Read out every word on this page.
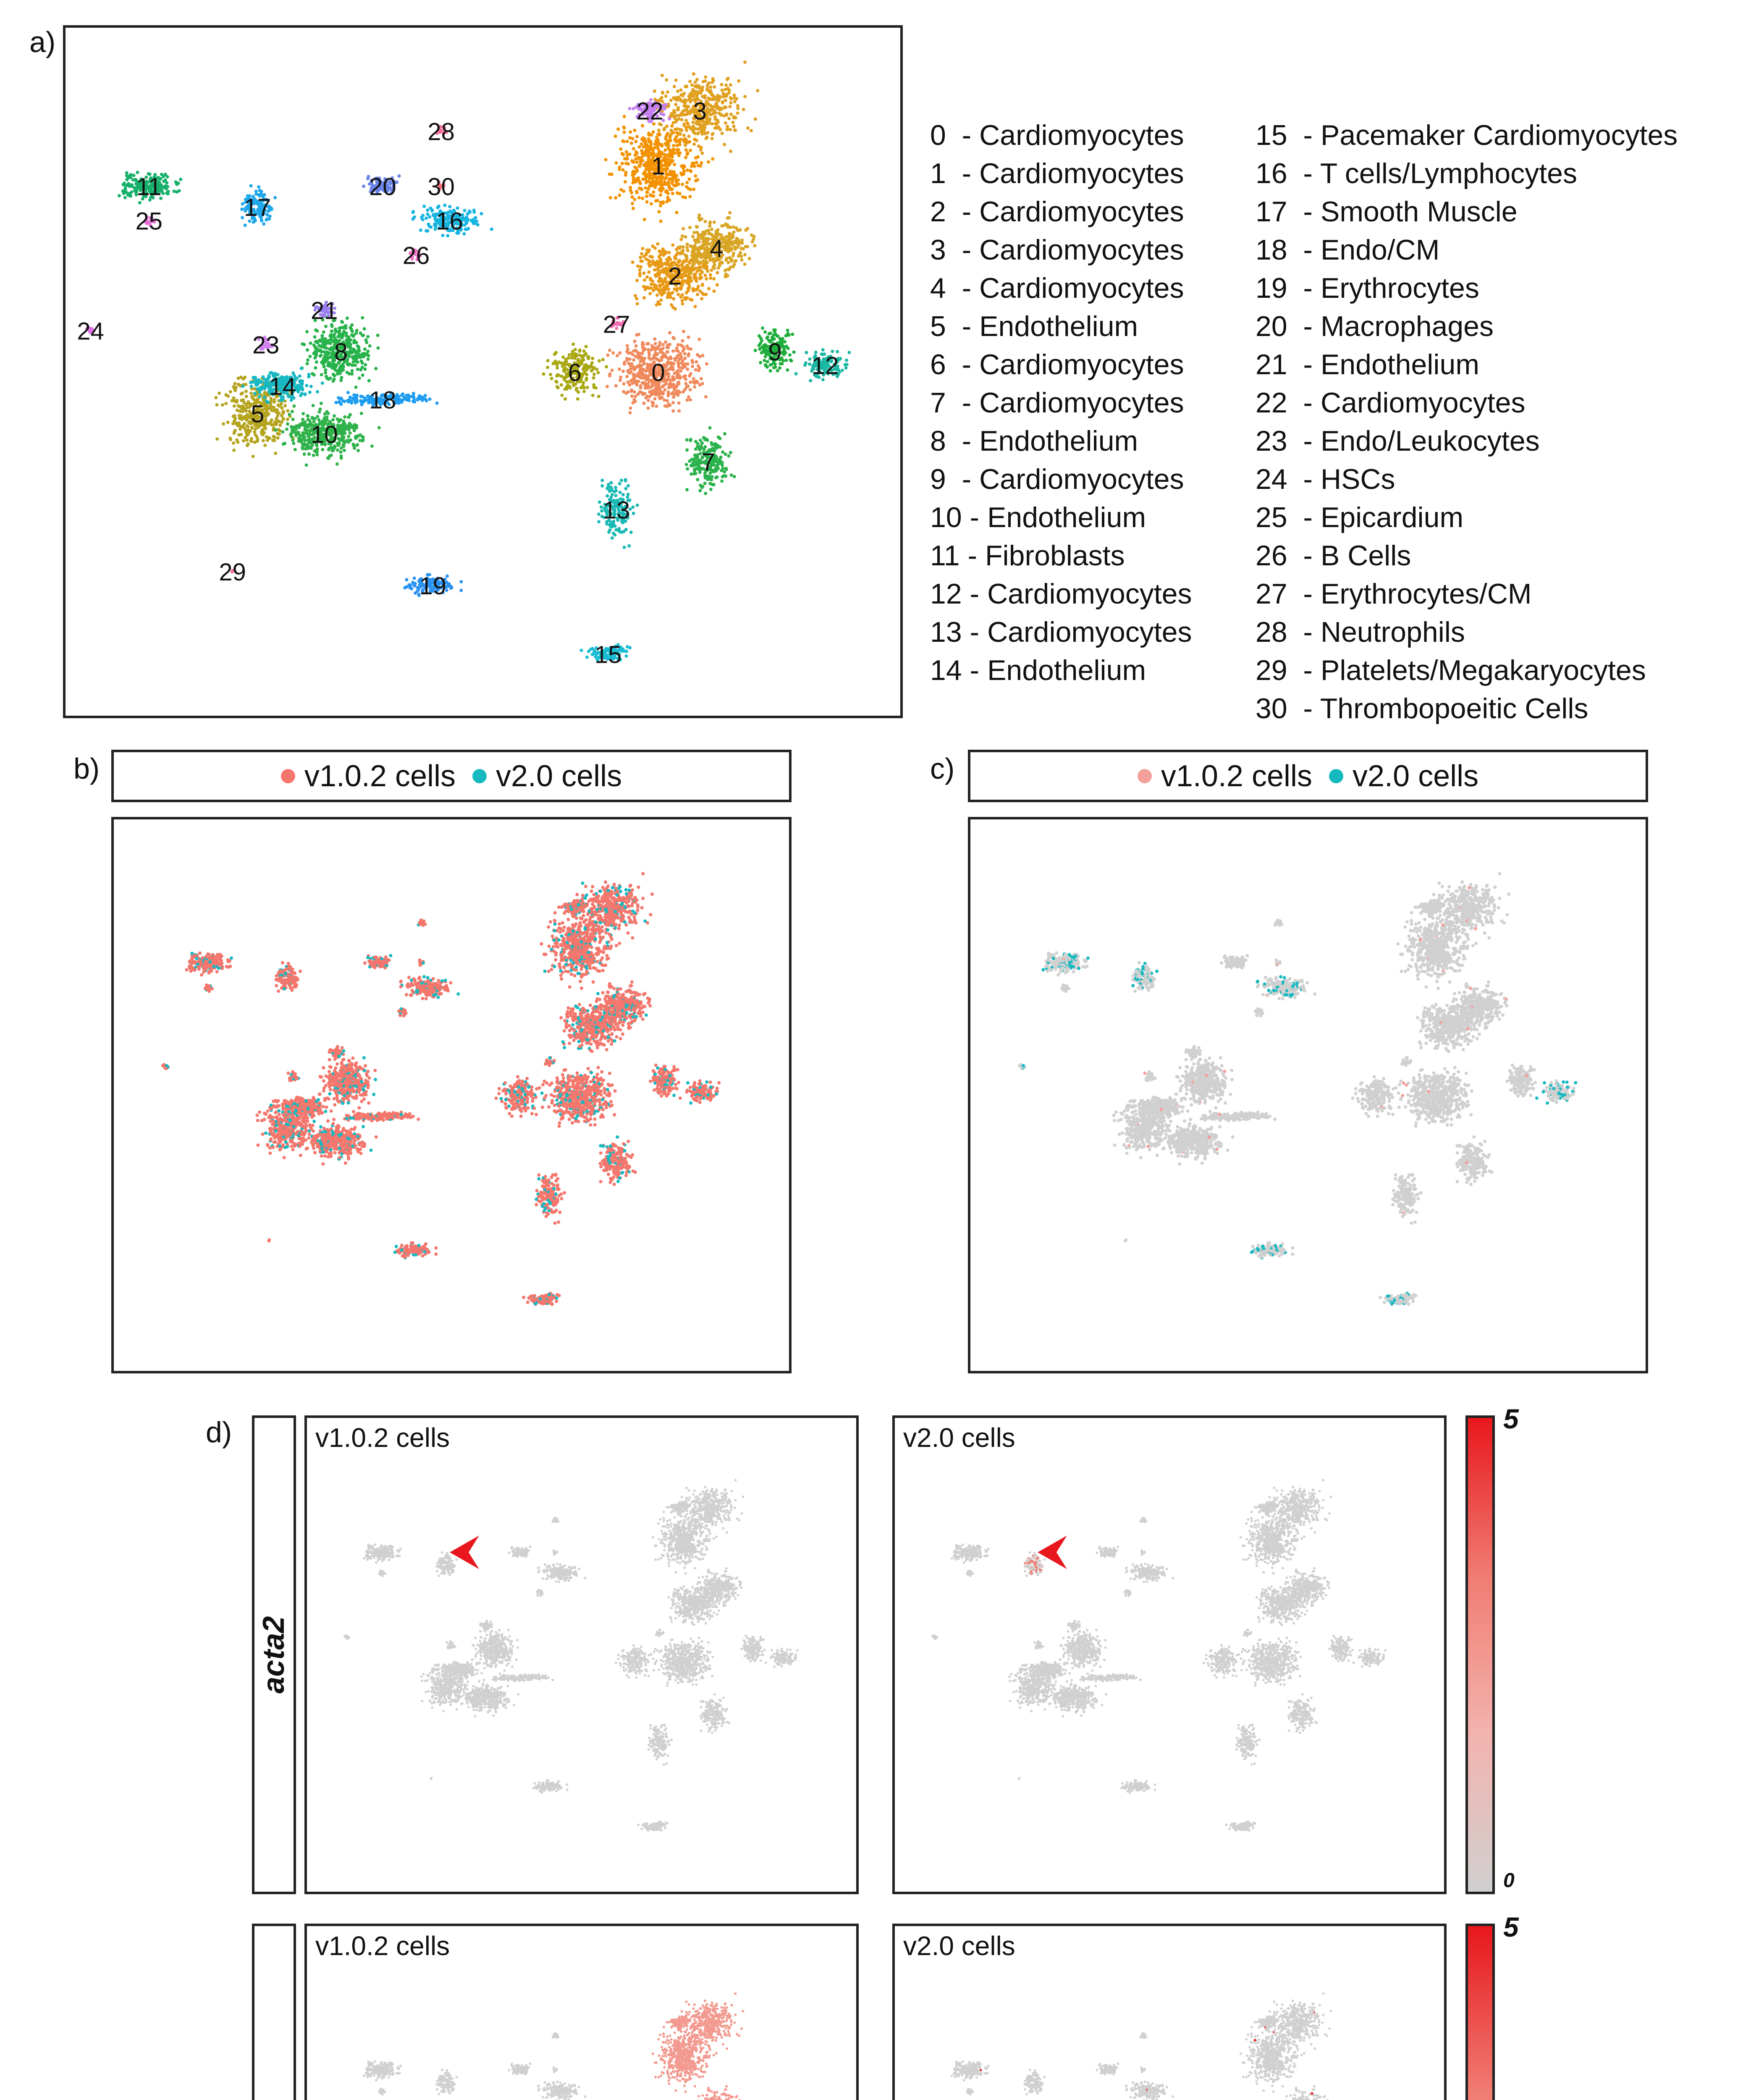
a)
0
1
2
3
4
5
6
7
8	9
10
11
12
13
14
15
16
17
18
19
20
21
22
23
24
25
26
27
28
29
30

0  - Cardiomyocytes
1  - Cardiomyocytes
2  - Cardiomyocytes
3  - Cardiomyocytes
4  - Cardiomyocytes
5  - Endothelium
6  - Cardiomyocytes
7  - Cardiomyocytes
8  - Endothelium
9  - Cardiomyocytes
10 - Endothelium
11 - Fibroblasts
12 - Cardiomyocytes
13 - Cardiomyocytes
14 - Endothelium

15  - Pacemaker Cardiomyocytes
16  - T cells/Lymphocytes
17  - Smooth Muscle
18  - Endo/CM
19  - Erythrocytes
20  - Macrophages
21  - Endothelium
22  - Cardiomyocytes
23  - Endo/Leukocytes
24  - HSCs
25  - Epicardium
26  - B Cells
27  - Erythrocytes/CM
28  - Neutrophils
29  - Platelets/Megakaryocytes
30  - Thrombopoeitic Cells

b)	v1.0.2 cells v2.0 cells	c)	v1.0.2 cells v2.0 cells
d)
acta2
v1.0.2 cells	v2.0 cells
5
0
v1.0.2 cells	v2.0 cells
5
